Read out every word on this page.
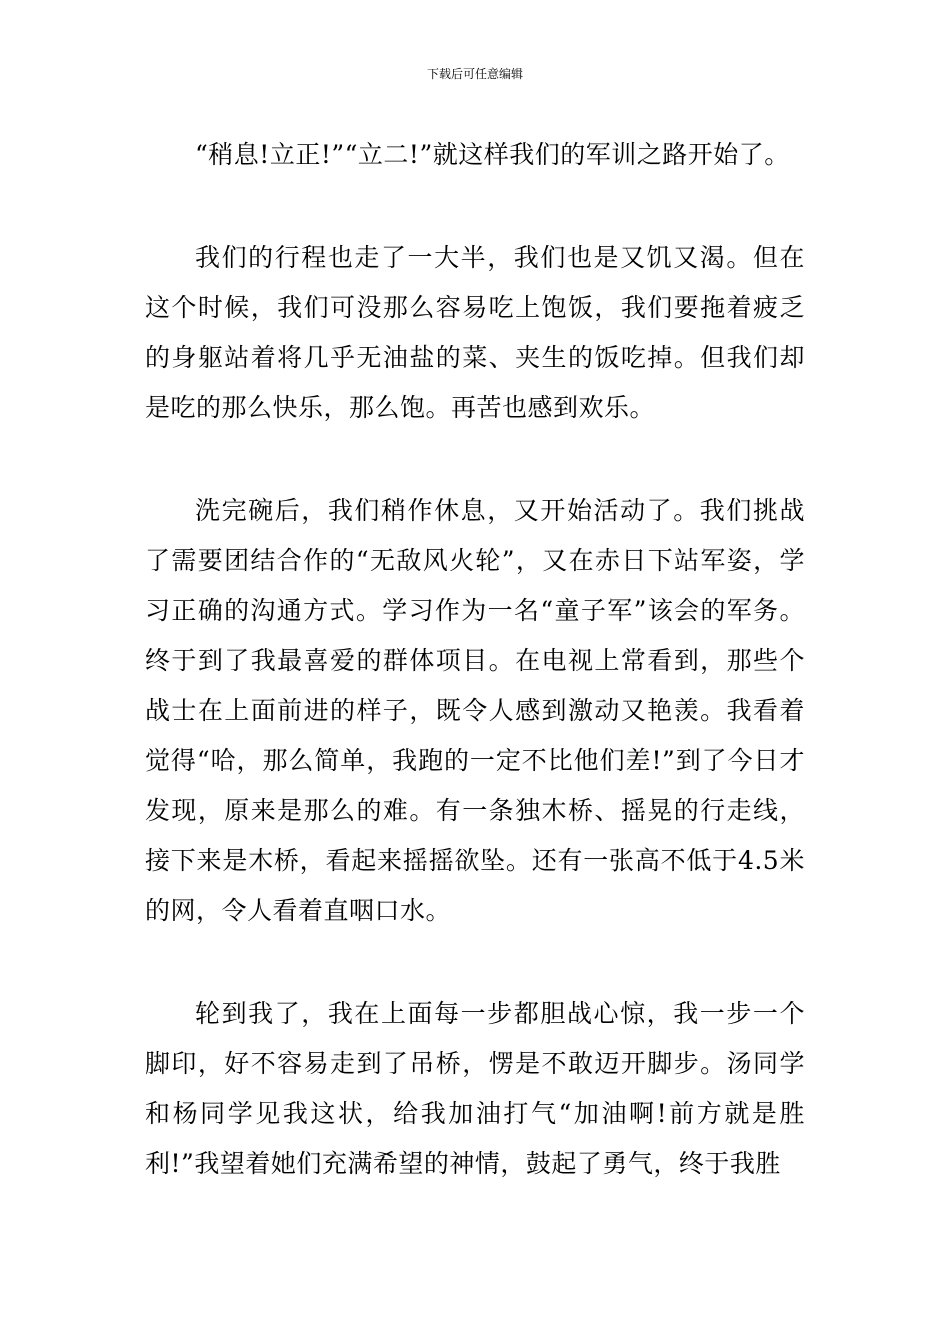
下载后可任意编辑

“稍息!立正!”“立二!”就这样我们的军训之路开始了。

我们的行程也走了一大半，我们也是又饥又渴。但在这个时候，我们可没那么容易吃上饱饭，我们要拖着疲乏的身躯站着将几乎无油盐的菜、夹生的饭吃掉。但我们却是吃的那么快乐，那么饱。再苦也感到欢乐。

洗完碗后，我们稍作休息，又开始活动了。我们挑战了需要团结合作的“无敌风火轮”，又在赤日下站军姿，学习正确的沟通方式。学习作为一名“童子军”该会的军务。终于到了我最喜爱的群体项目。在电视上常看到，那些个战士在上面前进的样子，既令人感到激动又艳羡。我看着觉得“哈，那么简单，我跑的一定不比他们差!”到了今日才发现，原来是那么的难。有一条独木桥、摇晃的行走线，接下来是木桥，看起来摇摇欲坠。还有一张高不低于4.5米的网，令人看着直咽口水。

轮到我了，我在上面每一步都胆战心惊，我一步一个脚印，好不容易走到了吊桥，愣是不敢迈开脚步。汤同学和杨同学见我这状，给我加油打气“加油啊!前方就是胜利!”我望着她们充满希望的神情，鼓起了勇气，终于我胜
